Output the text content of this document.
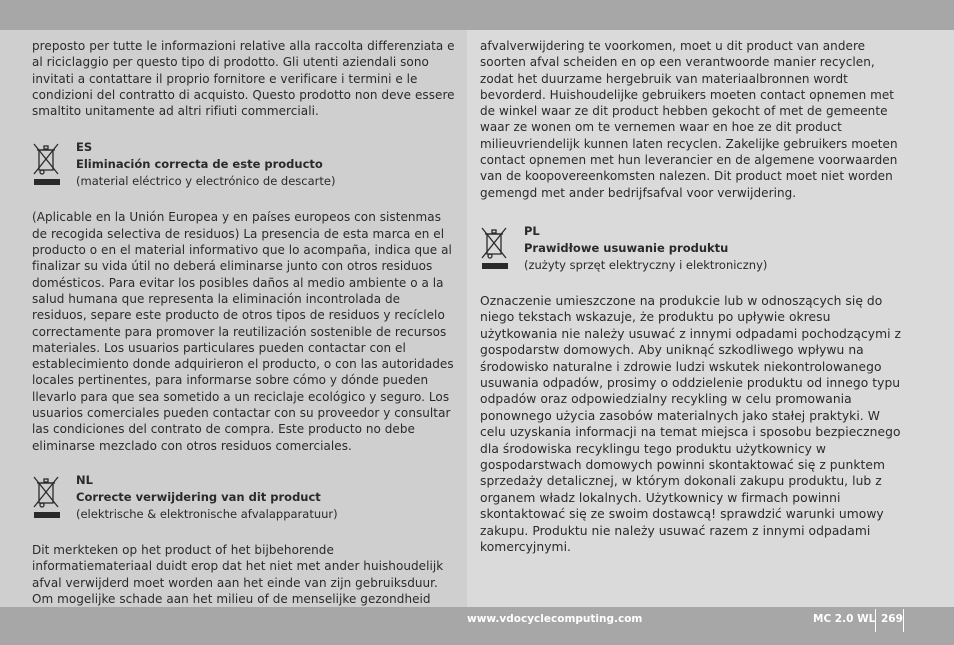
preposto per tutte le informazioni relative alla raccolta differenziata e al riciclaggio per questo tipo di prodotto. Gli utenti aziendali sono invitati a contattare il proprio fornitore e verificare i termini e le condizioni del contratto di acquisto. Questo prodotto non deve essere smaltito unitamente ad altri rifiuti commerciali.

ES
Eliminación correcta de este producto
(material eléctrico y electrónico de descarte)

(Aplicable en la Unión Europea y en países europeos con sistenmas de recogida selectiva de residuos) La presencia de esta marca en el producto o en el material informativo que lo acompaña, indica que al finalizar su vida útil no deberá eliminarse junto con otros residuos domésticos. Para evitar los posibles daños al medio ambiente o a la salud humana que representa la eliminación incontrolada de residuos, separe este producto de otros tipos de residuos y recíclelo correctamente para promover la reutilización sostenible de recursos materiales. Los usuarios particulares pueden contactar con el establecimiento donde adquirieron el producto, o con las autoridades locales pertinentes, para informarse sobre cómo y dónde pueden llevarlo para que sea sometido a un reciclaje ecológico y seguro. Los usuarios comerciales pueden contactar con su proveedor y consultar las condiciones del contrato de compra. Este producto no debe eliminarse mezclado con otros residuos comerciales.

NL
Correcte verwijdering van dit product
(elektrische & elektronische afvalapparatuur)

Dit merkteken op het product of het bijbehorende informatiemateriaal duidt erop dat het niet met ander huishoudelijk afval verwijderd moet worden aan het einde van zijn gebruiksduur. Om mogelijke schade aan het milieu of de menselijke gezondheid

afvalverwijdering te voorkomen, moet u dit product van andere soorten afval scheiden en op een verantwoorde manier recyclen, zodat het duurzame hergebruik van materiaalbronnen wordt bevorderd. Huishoudelijke gebruikers moeten contact opnemen met de winkel waar ze dit product hebben gekocht of met de gemeente waar ze wonen om te vernemen waar en hoe ze dit product milieuvriendelijk kunnen laten recyclen. Zakelijke gebruikers moeten contact opnemen met hun leverancier en de algemene voorwaarden van de koopovereenkomsten nalezen. Dit product moet niet worden gemengd met ander bedrijfsafval voor verwijdering.

PL
Prawidłowe usuwanie produktu
(zużyty sprzęt elektryczny i elektroniczny)

Oznaczenie umieszczone na produkcie lub w odnoszących się do niego tekstach wskazuje, że produktu po upływie okresu użytkowania nie należy usuwać z innymi odpadami pochodzącymi z gospodarstw domowych. Aby uniknąć szkodliwego wpływu na środowisko naturalne i zdrowie ludzi wskutek niekontrolowanego usuwania odpadów, prosimy o oddzielenie produktu od innego typu odpadów oraz odpowiedzialny recykling w celu promowania ponownego użycia zasobów materialnych jako stałej praktyki. W celu uzyskania informacji na temat miejsca i sposobu bezpiecznego dla środowiska recyklingu tego produktu użytkownicy w gospodarstwach domowych powinni skontaktować się z punktem sprzedaży detalicznej, w którym dokonali zakupu produktu, lub z organem władz lokalnych. Użytkownicy w firmach powinni skontaktować się ze swoim dostawcą! sprawdzić warunki umowy zakupu. Produktu nie należy usuwać razem z innymi odpadami komercyjnymi.

www.vdocyclecomputing.com	MC 2.0 WL 269
